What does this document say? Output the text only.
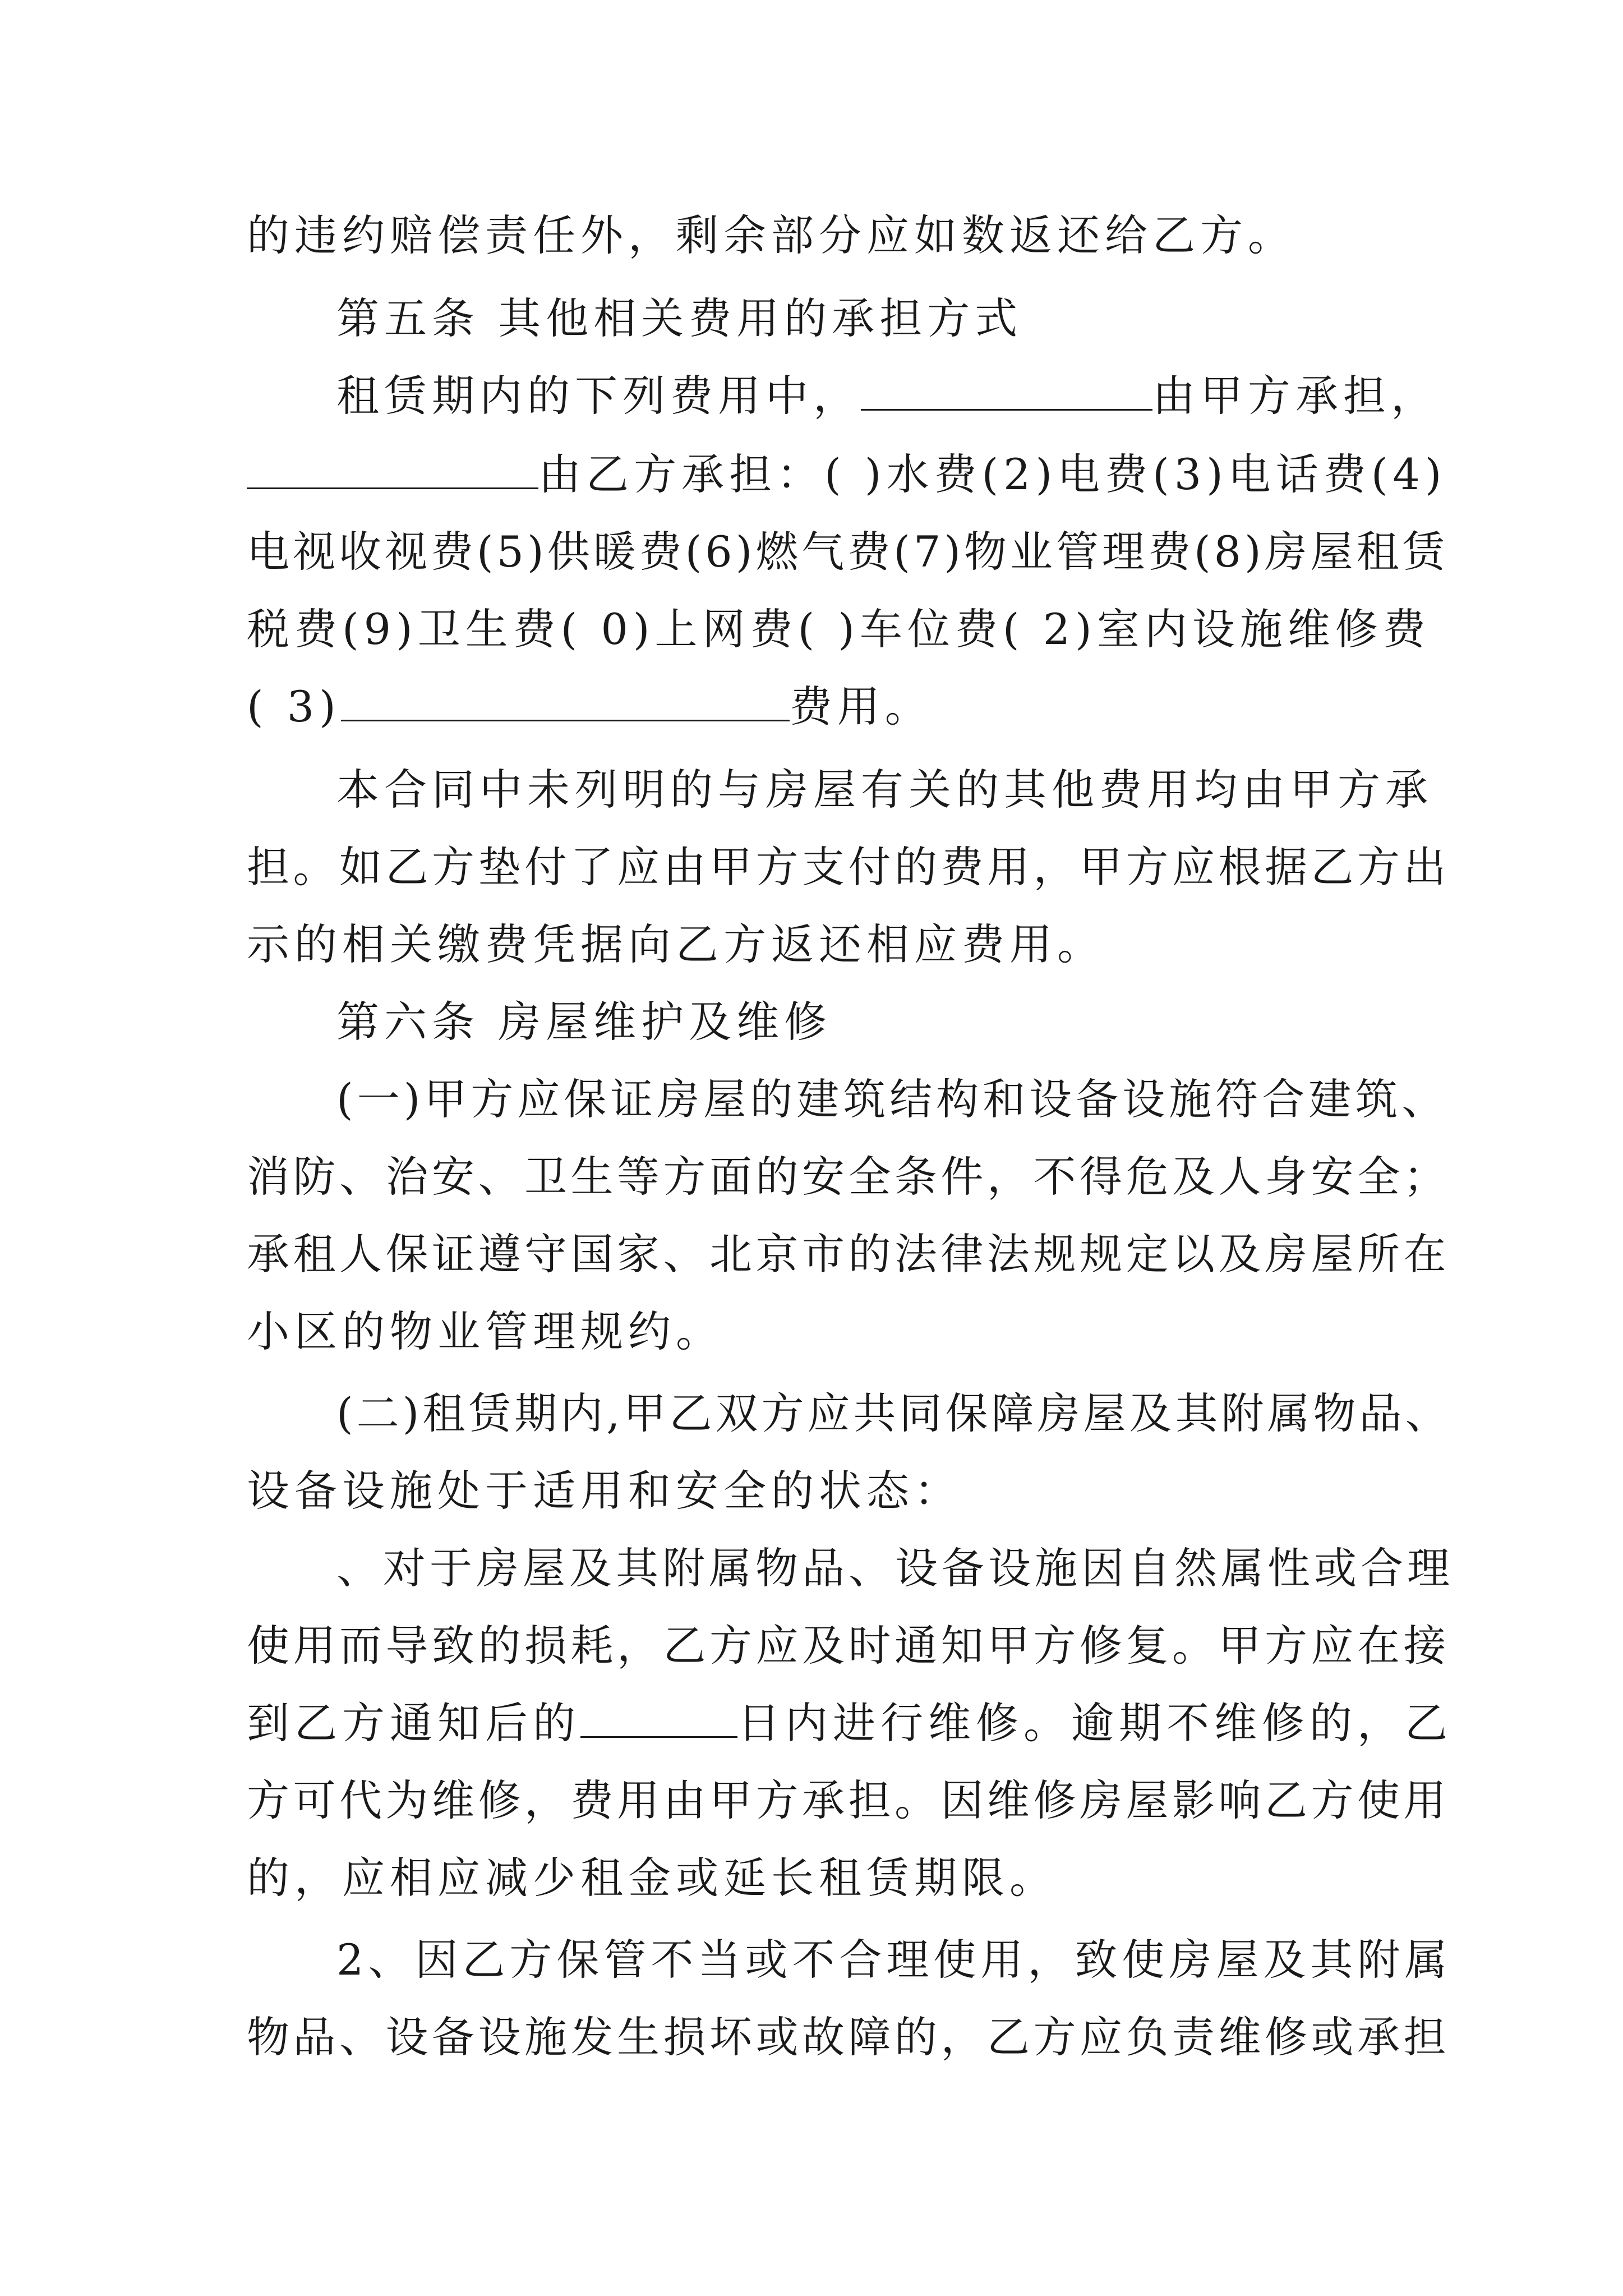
的违约赔偿责任外，剩余部分应如数返还给乙方。
第五条 其他相关费用的承担方式
租赁期内的下列费用中，	由甲方承担，
由乙方承担：( )水费(2)电费(3)电话费(4)
电视收视费(5)供暖费(6)燃气费(7)物业管理费(8)房屋租赁
税费(9)卫生费( 0)上网费( )车位费( 2)室内设施维修费
( 3)	费用。
本合同中未列明的与房屋有关的其他费用均由甲方承
担。如乙方垫付了应由甲方支付的费用，甲方应根据乙方出
示的相关缴费凭据向乙方返还相应费用。
第六条 房屋维护及维修
(一)甲方应保证房屋的建筑结构和设备设施符合建筑、
消防、治安、卫生等方面的安全条件，不得危及人身安全；
承租人保证遵守国家、北京市的法律法规规定以及房屋所在
小区的物业管理规约。
(二)租赁期内,甲乙双方应共同保障房屋及其附属物品、
设备设施处于适用和安全的状态：
、对于房屋及其附属物品、设备设施因自然属性或合理
使用而导致的损耗，乙方应及时通知甲方修复。甲方应在接
到乙方通知后的	日内进行维修。逾期不维修的，乙
方可代为维修，费用由甲方承担。因维修房屋影响乙方使用
的，应相应减少租金或延长租赁期限。
2、因乙方保管不当或不合理使用，致使房屋及其附属
物品、设备设施发生损坏或故障的，乙方应负责维修或承担
